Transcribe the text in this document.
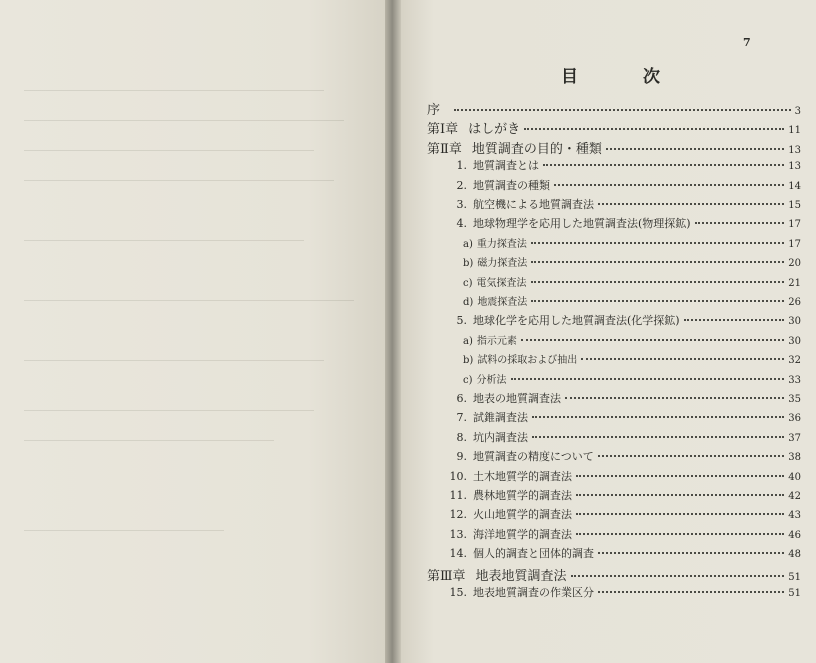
7
目　次
序	3
第Ⅰ章 はしがき	11
第Ⅱ章 地質調査の目的・種類	13
1. 地質調査とは	13
2. 地質調査の種類	14
3. 航空機による地質調査法	15
4. 地球物理学を応用した地質調査法(物理探鉱)	17
a) 重力探査法	17
b) 磁力探査法	20
c) 電気探査法	21
d) 地震探査法	26
5. 地球化学を応用した地質調査法(化学探鉱)	30
a) 指示元素	30
b) 試料の採取および抽出	32
c) 分析法	33
6. 地表の地質調査法	35
7. 試錐調査法	36
8. 坑内調査法	37
9. 地質調査の精度について	38
10. 土木地質学的調査法	40
11. 農林地質学的調査法	42
12. 火山地質学的調査法	43
13. 海洋地質学的調査法	46
14. 個人的調査と団体的調査	48
第Ⅲ章 地表地質調査法	51
15. 地表地質調査の作業区分	51
